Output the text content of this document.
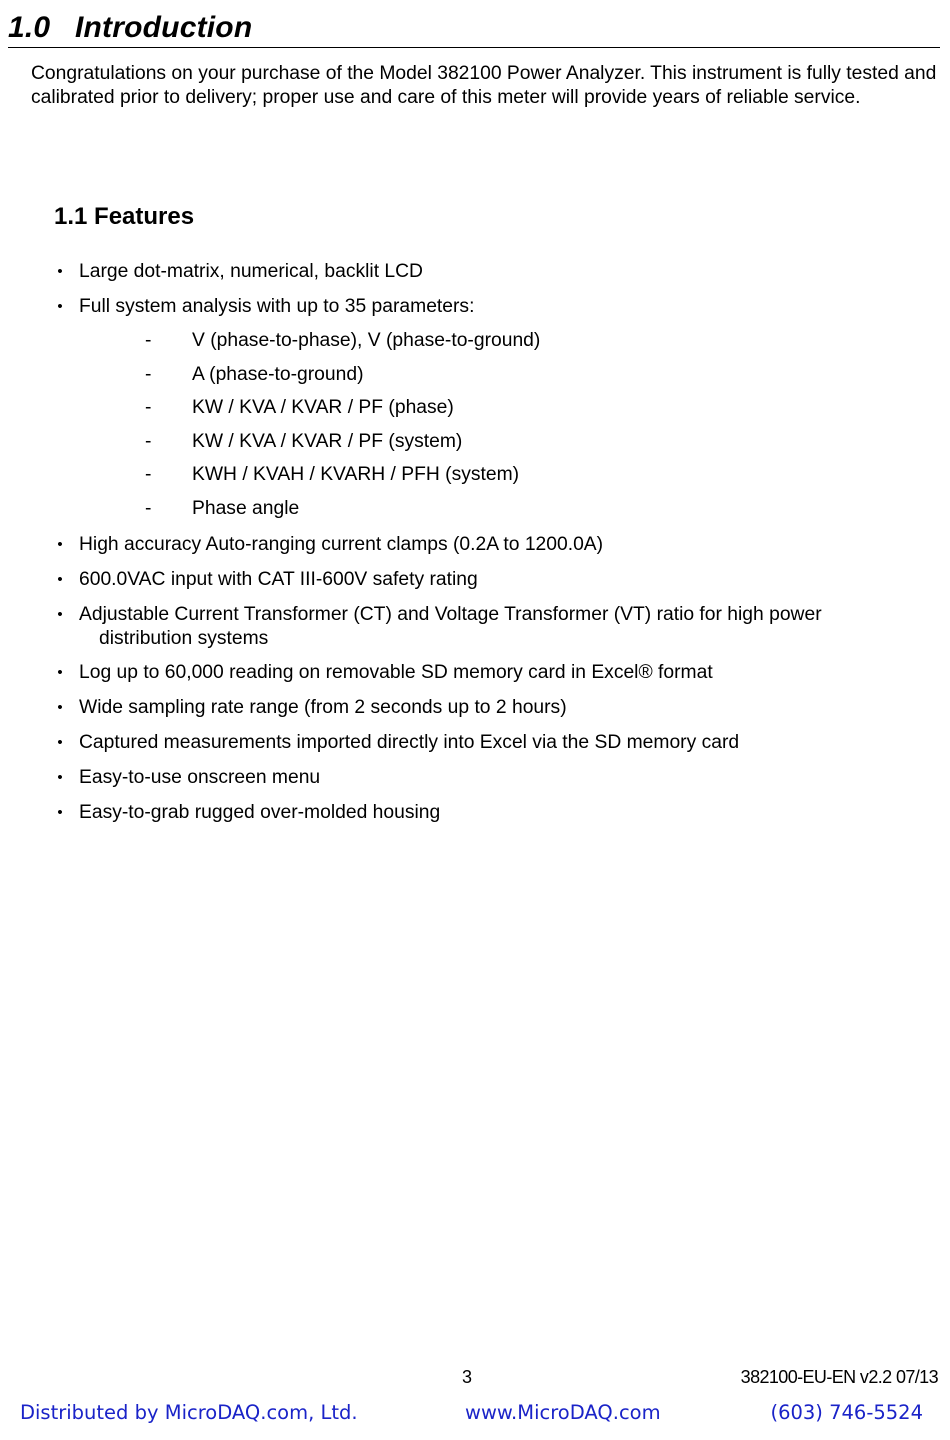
1.0 Introduction

Congratulations on your purchase of the Model 382100 Power Analyzer. This instrument is fully tested and calibrated prior to delivery; proper use and care of this meter will provide years of reliable service.

1.1 Features
• Large dot-matrix, numerical, backlit LCD
• Full system analysis with up to 35 parameters:
- V (phase-to-phase), V (phase-to-ground)
- A (phase-to-ground)
- KW / KVA / KVAR / PF (phase)
- KW / KVA / KVAR / PF (system)
- KWH / KVAH / KVARH / PFH (system)
- Phase angle
• High accuracy Auto-ranging current clamps (0.2A to 1200.0A)
• 600.0VAC input with CAT III-600V safety rating
• Adjustable Current Transformer (CT) and Voltage Transformer (VT) ratio for high power distribution systems
• Log up to 60,000 reading on removable SD memory card in Excel® format
• Wide sampling rate range (from 2 seconds up to 2 hours)
• Captured measurements imported directly into Excel via the SD memory card
• Easy-to-use onscreen menu
• Easy-to-grab rugged over-molded housing
3	382100-EU-EN v2.2 07/13
Distributed by MicroDAQ.com, Ltd.	www.MicroDAQ.com	(603) 746-5524
